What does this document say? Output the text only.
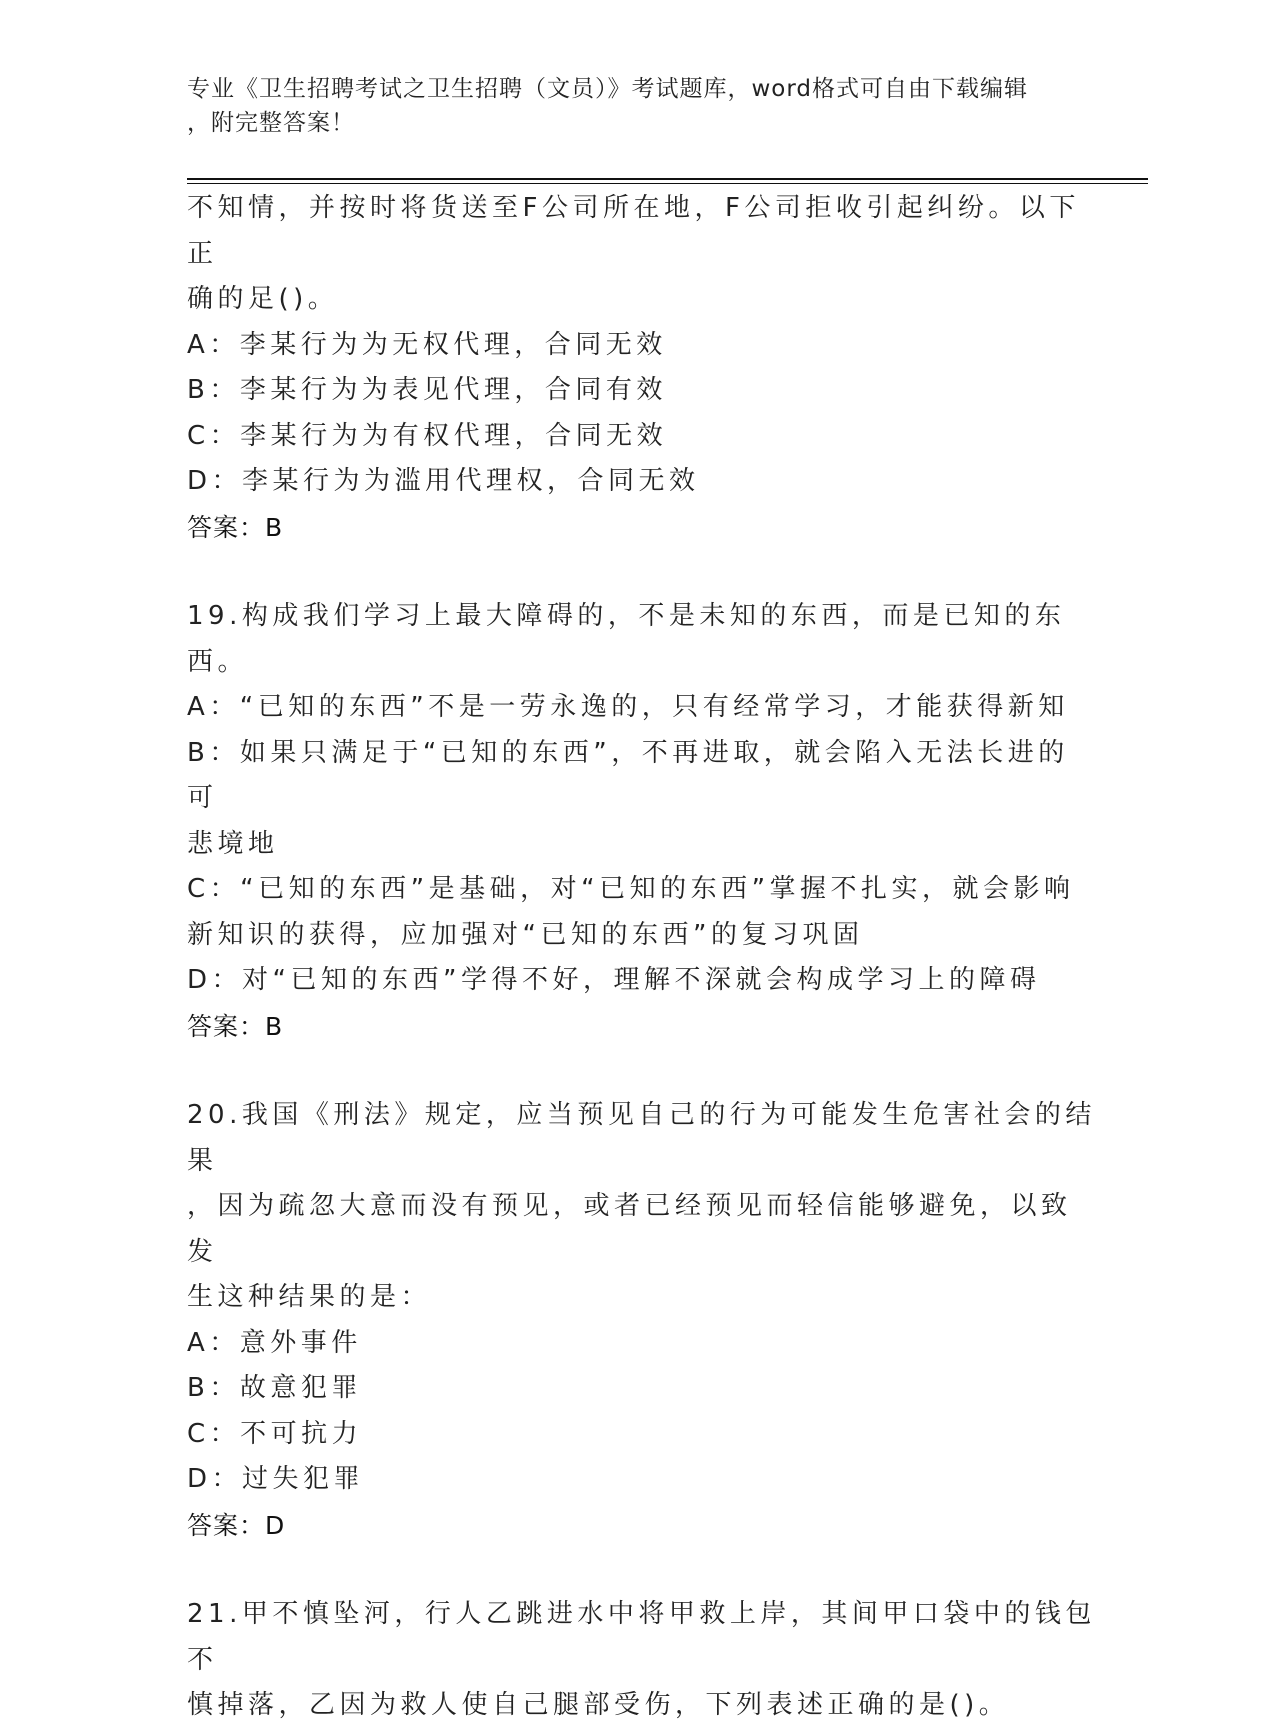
专业《卫生招聘考试之卫生招聘（文员）》考试题库，word格式可自由下载编辑
，附完整答案！
不知情，并按时将货送至F公司所在地，F公司拒收引起纠纷。以下正
确的足()。
A：李某行为为无权代理，合同无效
B：李某行为为表见代理，合同有效
C：李某行为为有权代理，合同无效
D：李某行为为滥用代理权，合同无效
答案：B
19.构成我们学习上最大障碍的，不是未知的东西，而是已知的东西。
A：“已知的东西”不是一劳永逸的，只有经常学习，才能获得新知
B：如果只满足于“已知的东西”，不再进取，就会陷入无法长进的可
悲境地
C：“已知的东西”是基础，对“已知的东西”掌握不扎实，就会影响
新知识的获得，应加强对“已知的东西”的复习巩固
D：对“已知的东西”学得不好，理解不深就会构成学习上的障碍
答案：B
20.我国《刑法》规定，应当预见自己的行为可能发生危害社会的结果
，因为疏忽大意而没有预见，或者已经预见而轻信能够避免，以致发
生这种结果的是：
A：意外事件
B：故意犯罪
C：不可抗力
D：过失犯罪
答案：D
21.甲不慎坠河，行人乙跳进水中将甲救上岸，其间甲口袋中的钱包不
慎掉落，乙因为救人使自己腿部受伤，下列表述正确的是()。
